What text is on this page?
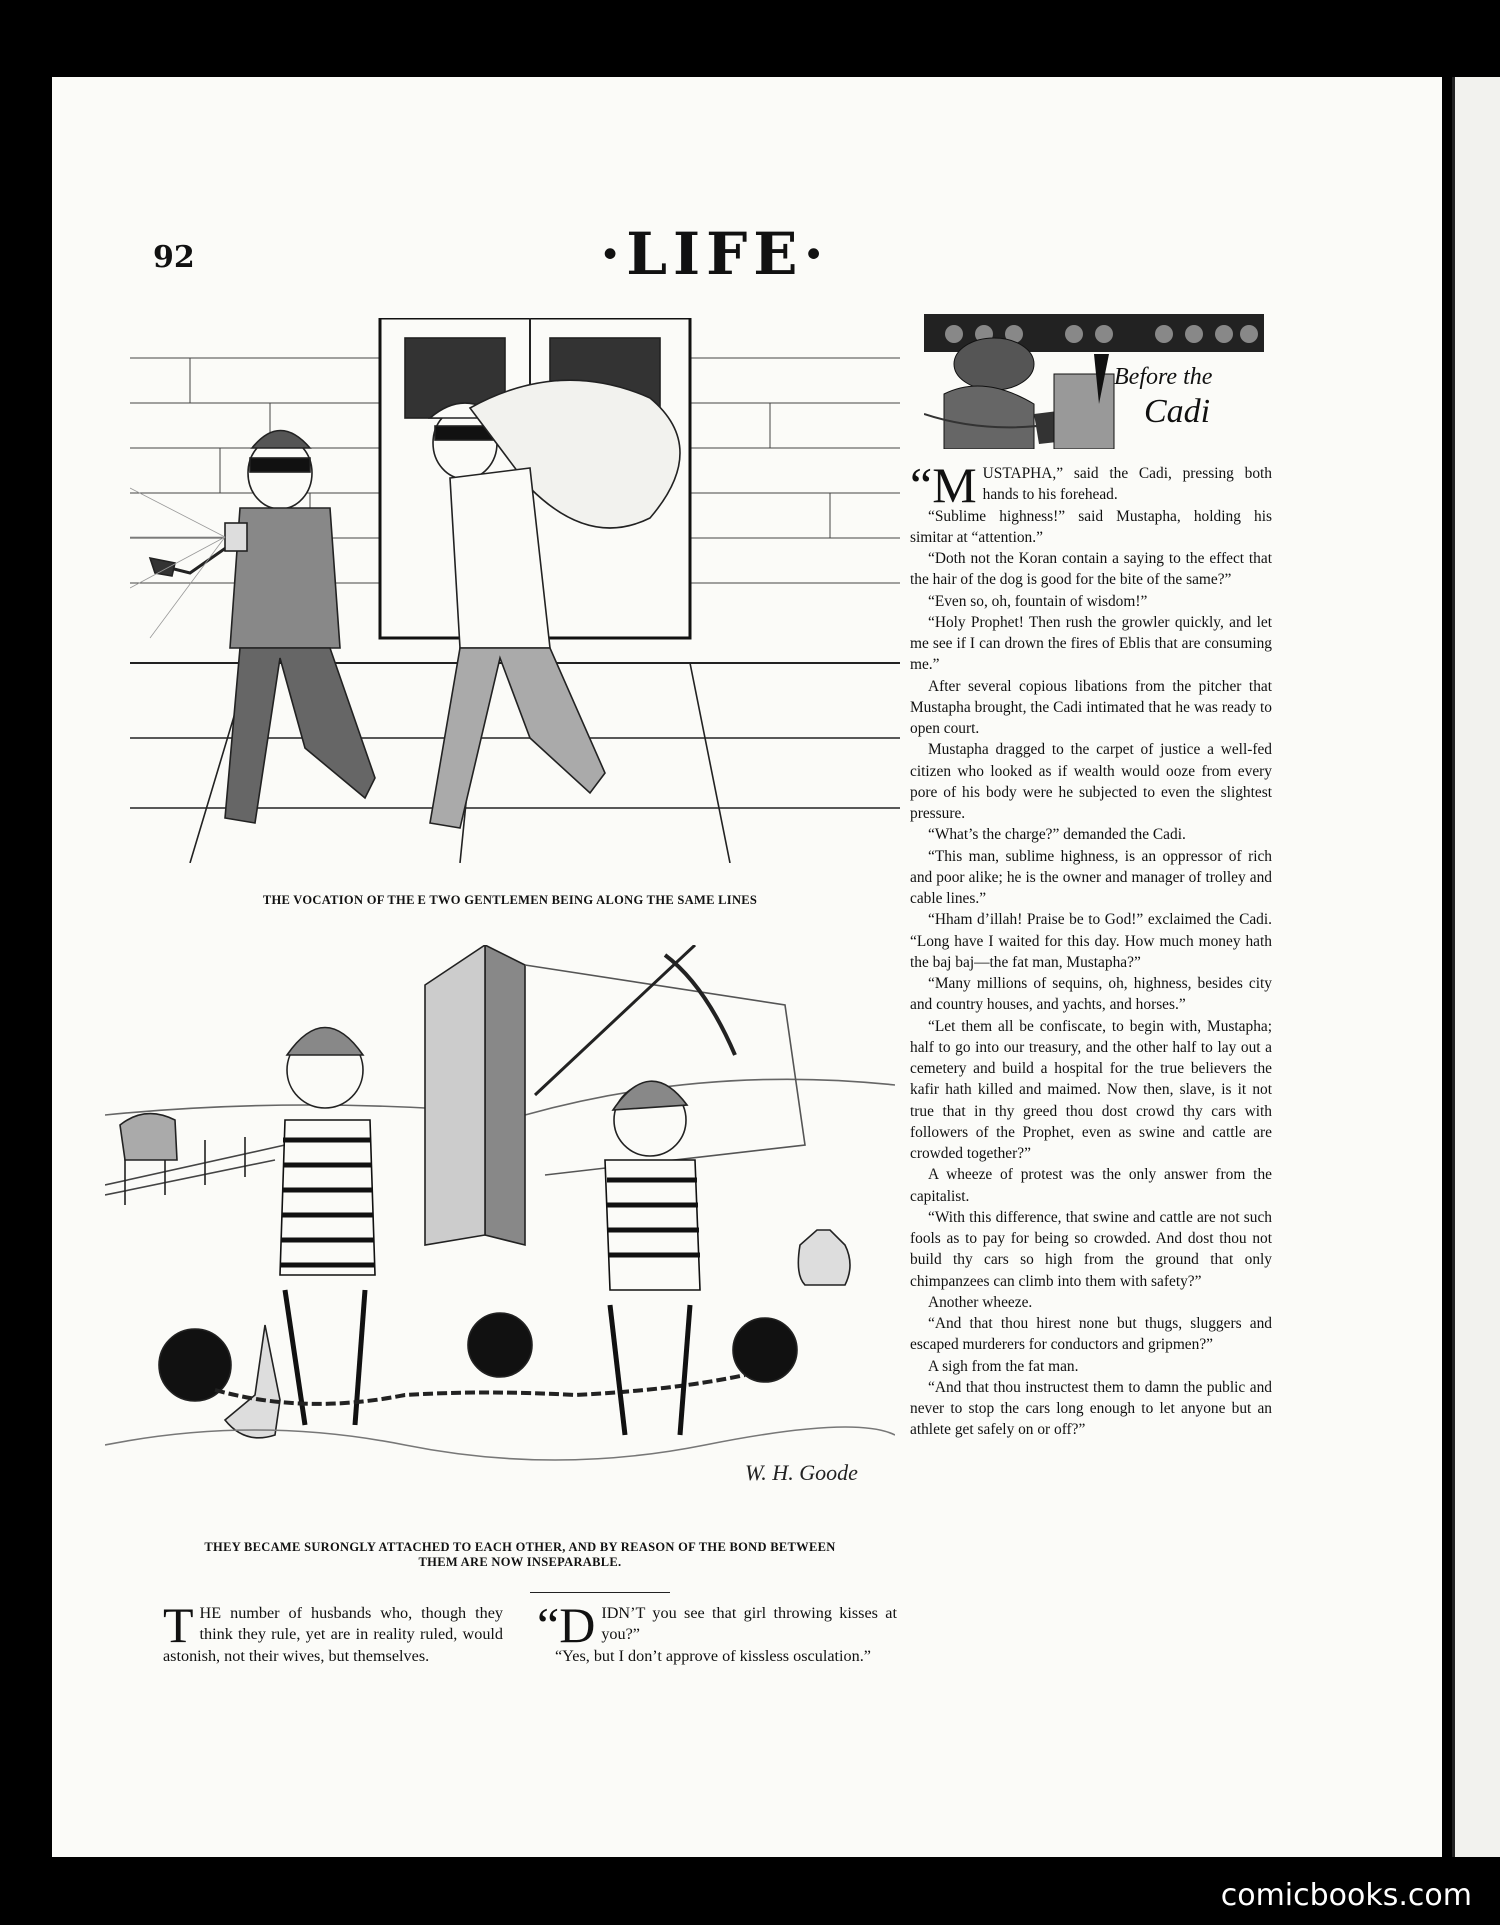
92	·LIFE·
THE VOCATION OF THE E TWO GENTLEMEN BEING ALONG THE SAME LINES
W. H. Goode
THEY BECAME SURONGLY ATTACHED TO EACH OTHER, AND BY REASON OF THE BOND BETWEEN
THEM ARE NOW INSEPARABLE.

THE number of husbands who, though they think they rule, yet are in reality ruled, would astonish, not their wives, but themselves.

“DIDN’T you see that girl throwing kisses at you?”

“Yes, but I don’t approve of kissless osculation.”

Before the
Cadi

“MUSTAPHA,” said the Cadi, pressing both hands to his forehead.

“Sublime highness!” said Mustapha, holding his simitar at “attention.”

“Doth not the Koran contain a saying to the effect that the hair of the dog is good for the bite of the same?”

“Even so, oh, fountain of wisdom!”

“Holy Prophet! Then rush the growler quickly, and let me see if I can drown the fires of Eblis that are consuming me.”

After several copious libations from the pitcher that Mustapha brought, the Cadi intimated that he was ready to open court.

Mustapha dragged to the carpet of justice a well-fed citizen who looked as if wealth would ooze from every pore of his body were he subjected to even the slightest pressure.

“What’s the charge?” demanded the Cadi.

“This man, sublime highness, is an oppressor of rich and poor alike; he is the owner and manager of trolley and cable lines.”

“Hham d’illah! Praise be to God!” exclaimed the Cadi. “Long have I waited for this day. How much money hath the baj baj—the fat man, Mustapha?”

“Many millions of sequins, oh, highness, besides city and country houses, and yachts, and horses.”

“Let them all be confiscate, to begin with, Mustapha; half to go into our treasury, and the other half to lay out a cemetery and build a hospital for the true believers the kafir hath killed and maimed. Now then, slave, is it not true that in thy greed thou dost crowd thy cars with followers of the Prophet, even as swine and cattle are crowded together?”

A wheeze of protest was the only answer from the capitalist.

“With this difference, that swine and cattle are not such fools as to pay for being so crowded. And dost thou not build thy cars so high from the ground that only chimpanzees can climb into them with safety?”

Another wheeze.

“And that thou hirest none but thugs, sluggers and escaped murderers for conductors and gripmen?”

A sigh from the fat man.

“And that thou instructest them to damn the public and never to stop the cars long enough to let anyone but an athlete get safely on or off?”

comicbooks.com
